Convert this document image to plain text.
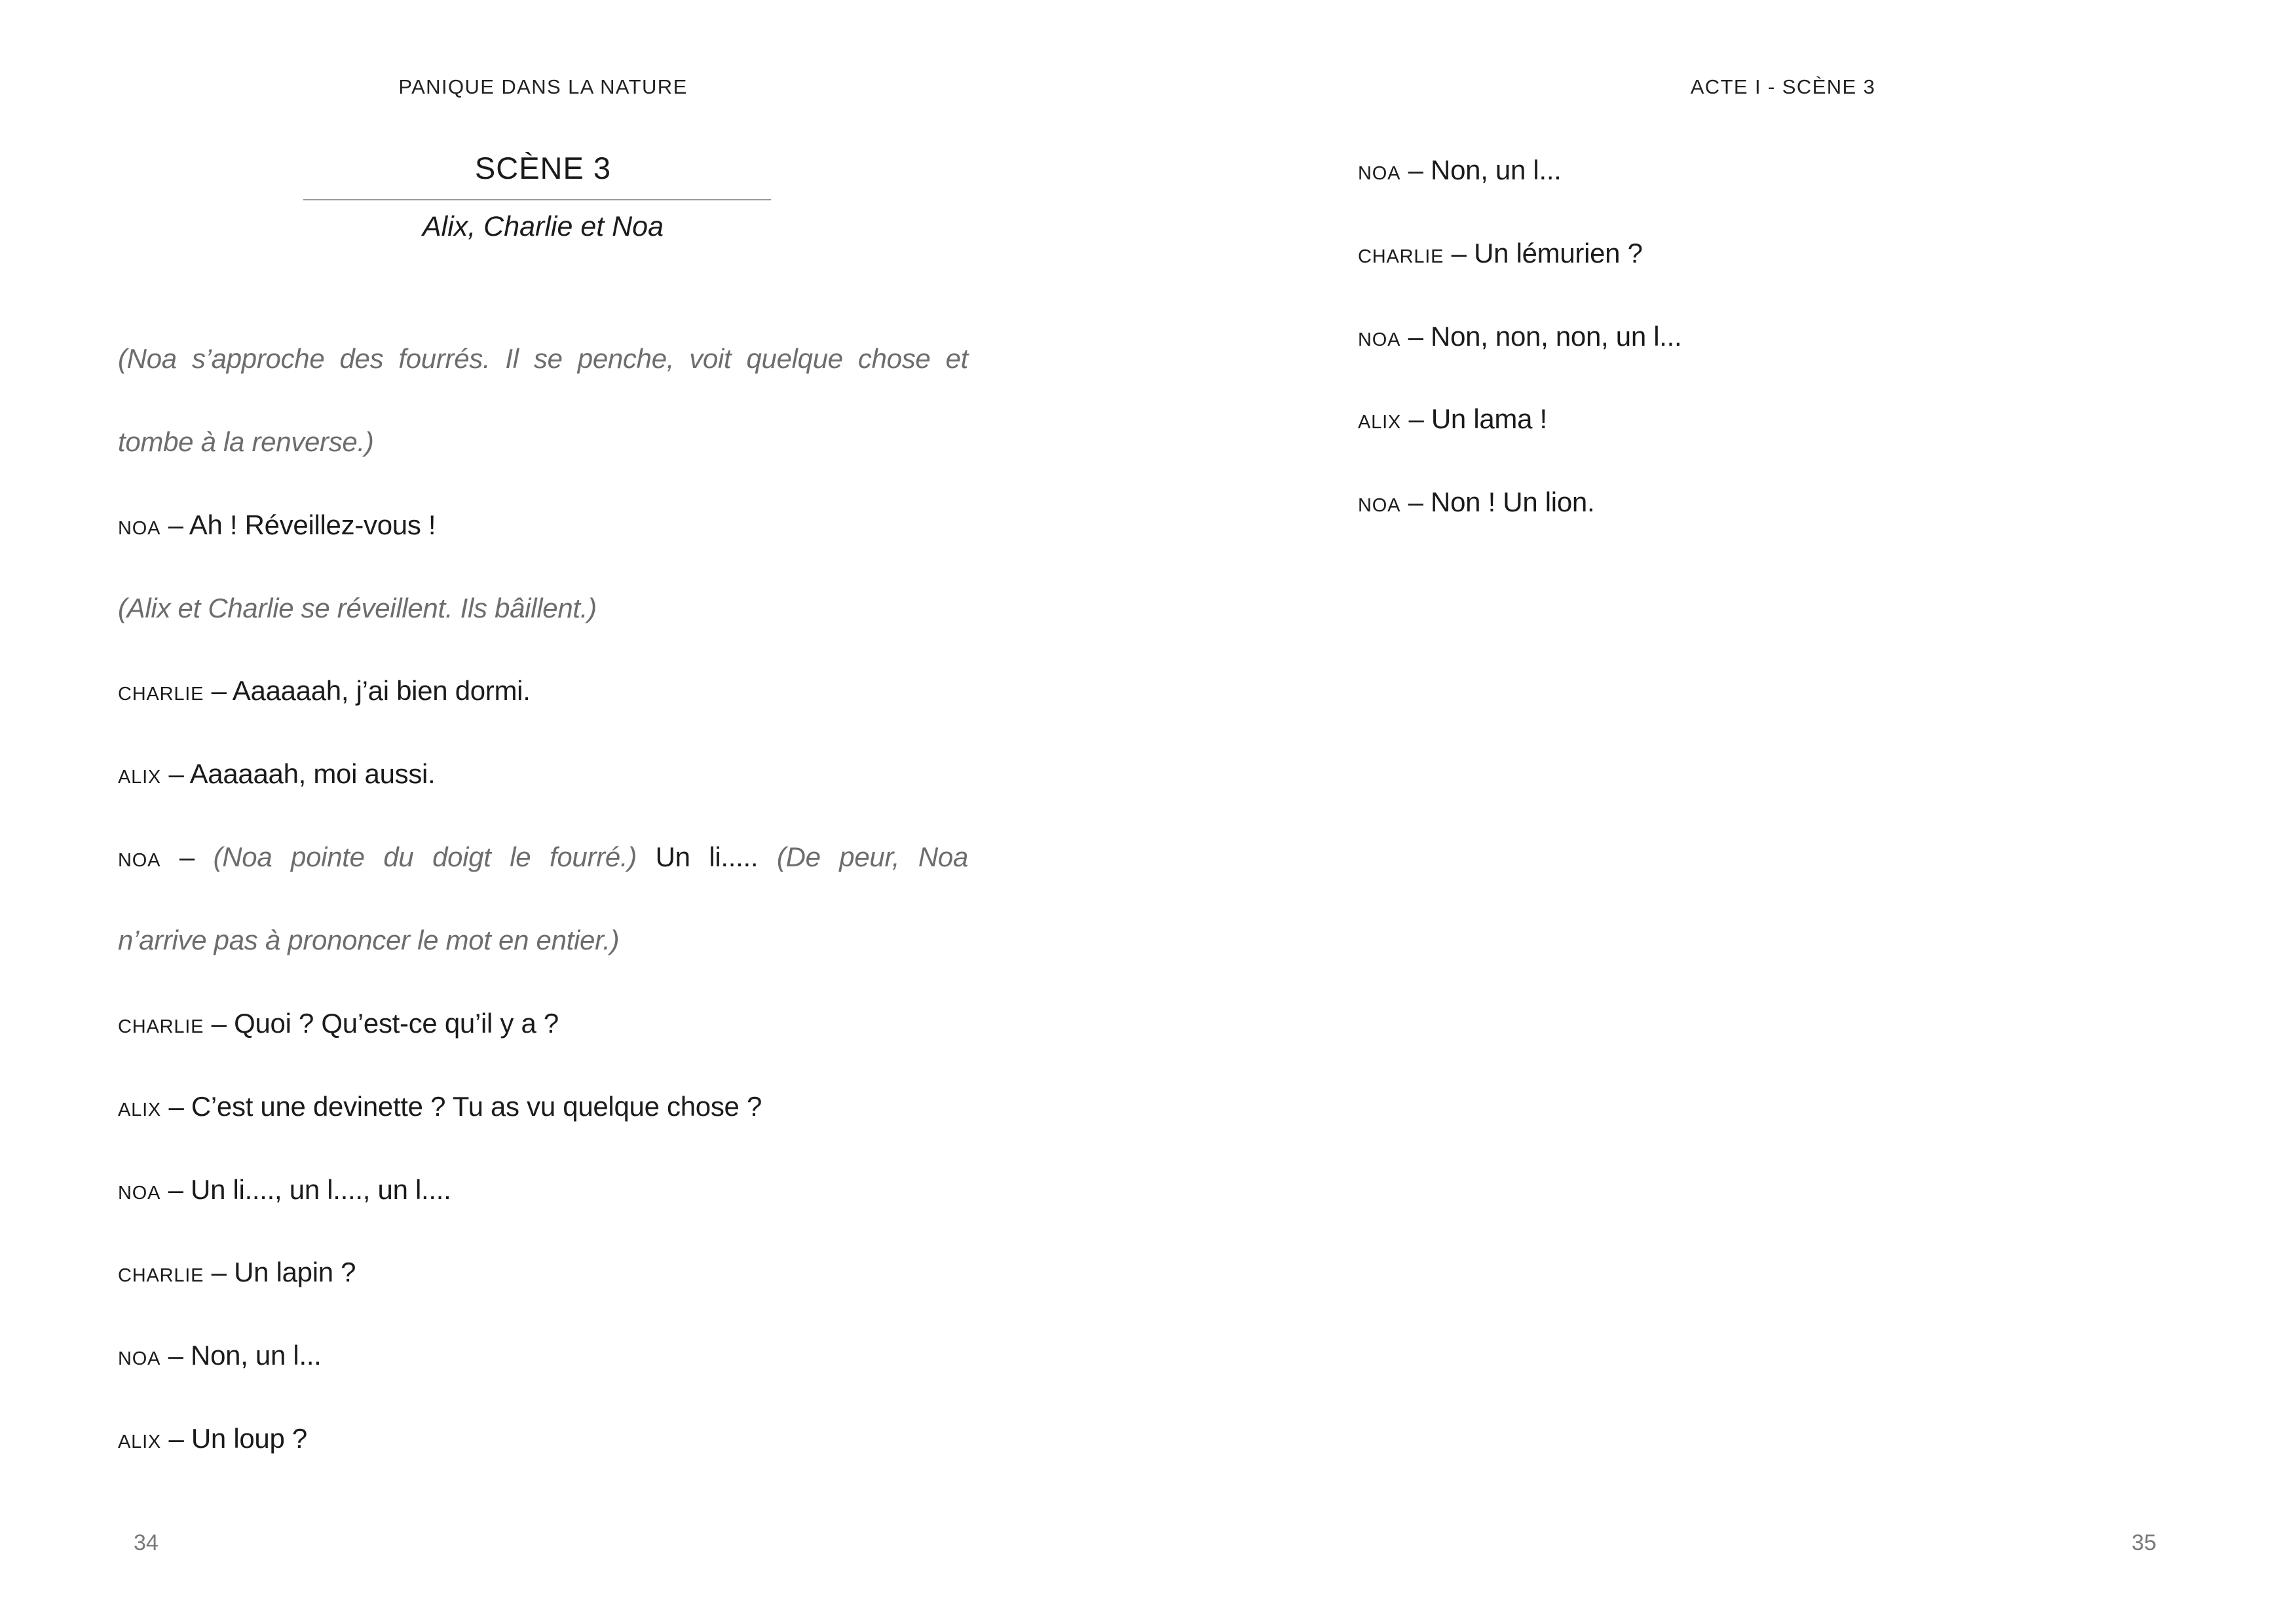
PANIQUE DANS LA NATURE
SCÈNE 3
Alix, Charlie et Noa
(Noa s’approche des fourrés. Il se penche, voit quelque chose et
tombe à la renverse.)
NOA – Ah ! Réveillez-vous !
(Alix et Charlie se réveillent. Ils bâillent.)
CHARLIE – Aaaaaah, j’ai bien dormi.
ALIX – Aaaaaah, moi aussi.
NOA – (Noa pointe du doigt le fourré.) Un li..... (De peur, Noa
n’arrive pas à prononcer le mot en entier.)
CHARLIE – Quoi ? Qu’est-ce qu’il y a ?
ALIX – C’est une devinette ? Tu as vu quelque chose ?
NOA – Un li...., un l...., un l....
CHARLIE – Un lapin ?
NOA – Non, un l...
ALIX – Un loup ?
ACTE I - SCÈNE 3
NOA – Non, un l...
CHARLIE – Un lémurien ?
NOA – Non, non, non, un l...
ALIX – Un lama !
NOA – Non ! Un lion.
34	35
